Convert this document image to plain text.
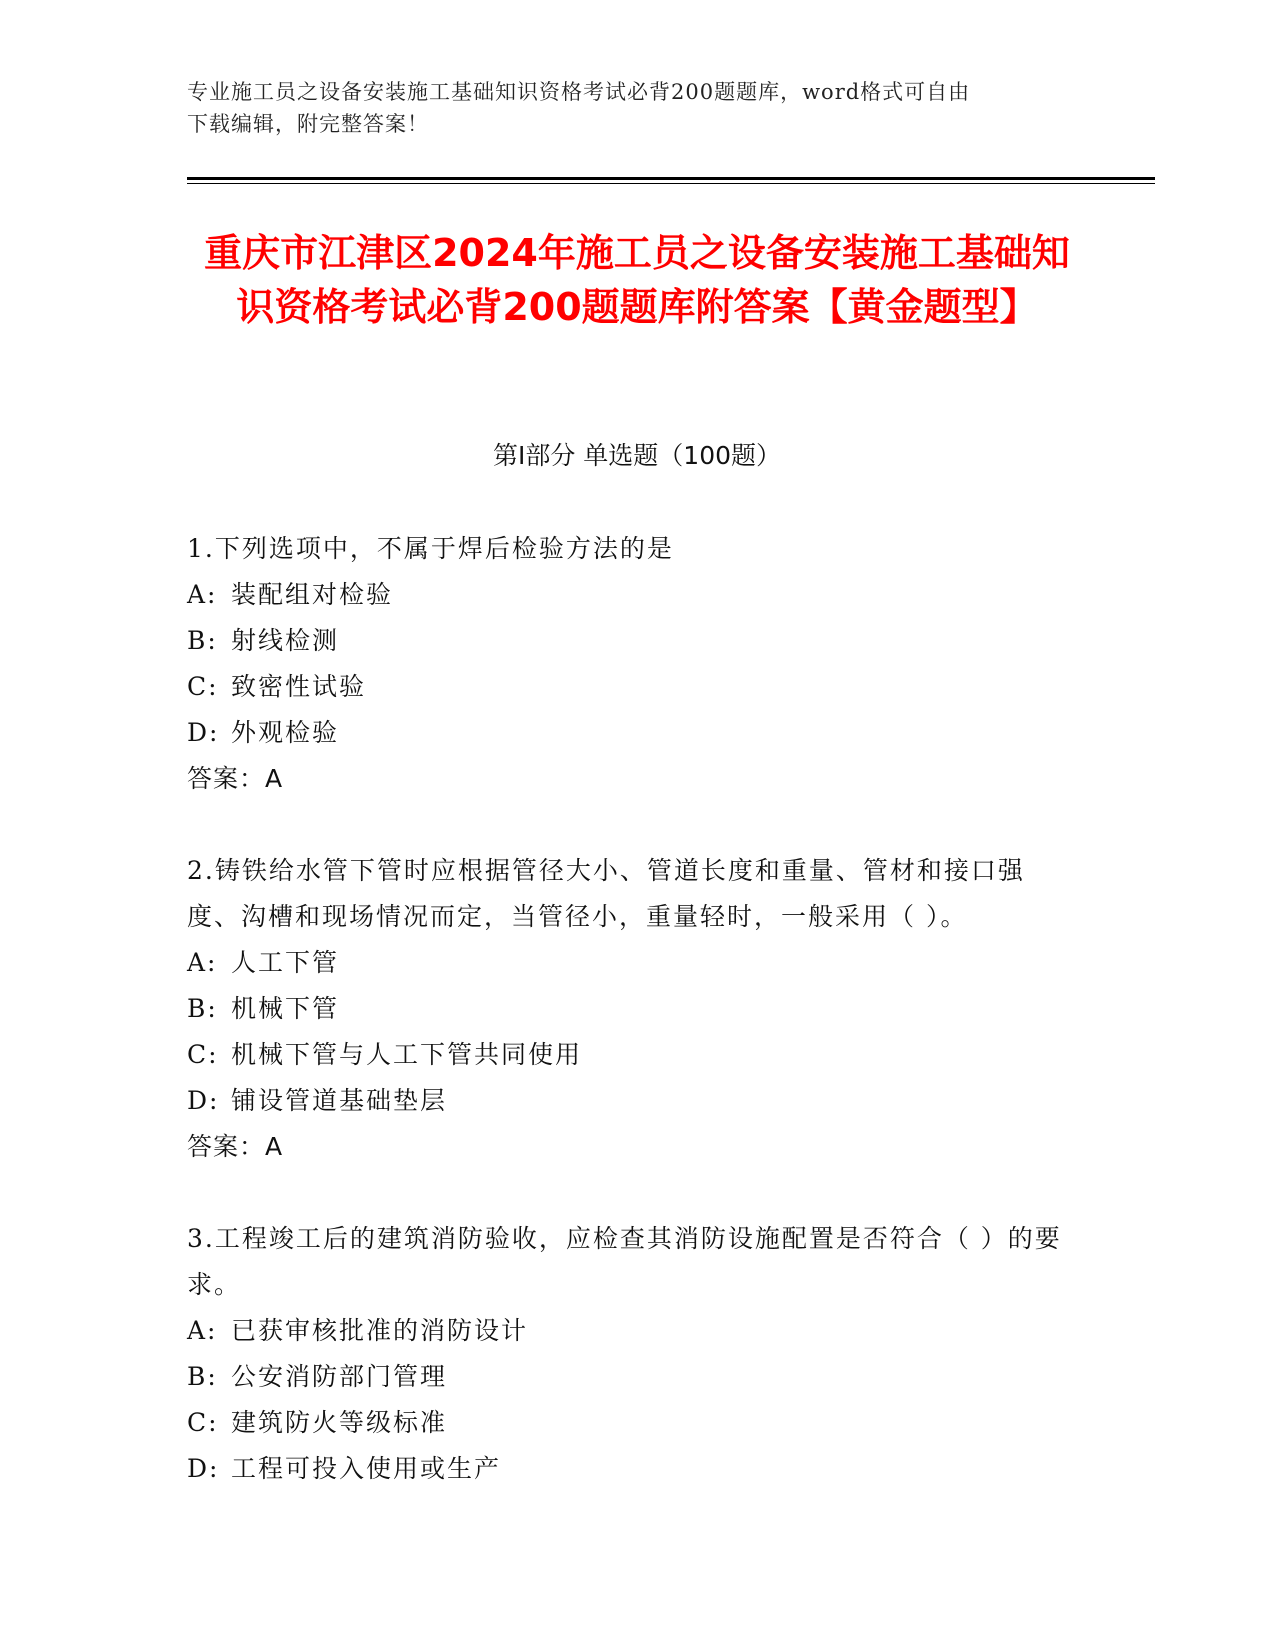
专业施工员之设备安装施工基础知识资格考试必背200题题库，word格式可自由
下载编辑，附完整答案！
重庆市江津区2024年施工员之设备安装施工基础知识资格考试必背200题题库附答案【黄金题型】
第Ⅰ部分 单选题（100题）

1.下列选项中，不属于焊后检验方法的是

A: 装配组对检验

B: 射线检测

C: 致密性试验

D: 外观检验

答案：A

2.铸铁给水管下管时应根据管径大小、管道长度和重量、管材和接口强度、沟槽和现场情况而定，当管径小，重量轻时，一般采用（ ）。

A: 人工下管

B: 机械下管

C: 机械下管与人工下管共同使用

D: 铺设管道基础垫层

答案：A

3.工程竣工后的建筑消防验收，应检查其消防设施配置是否符合（ ）的要求。

A: 已获审核批准的消防设计

B: 公安消防部门管理

C: 建筑防火等级标准

D: 工程可投入使用或生产
